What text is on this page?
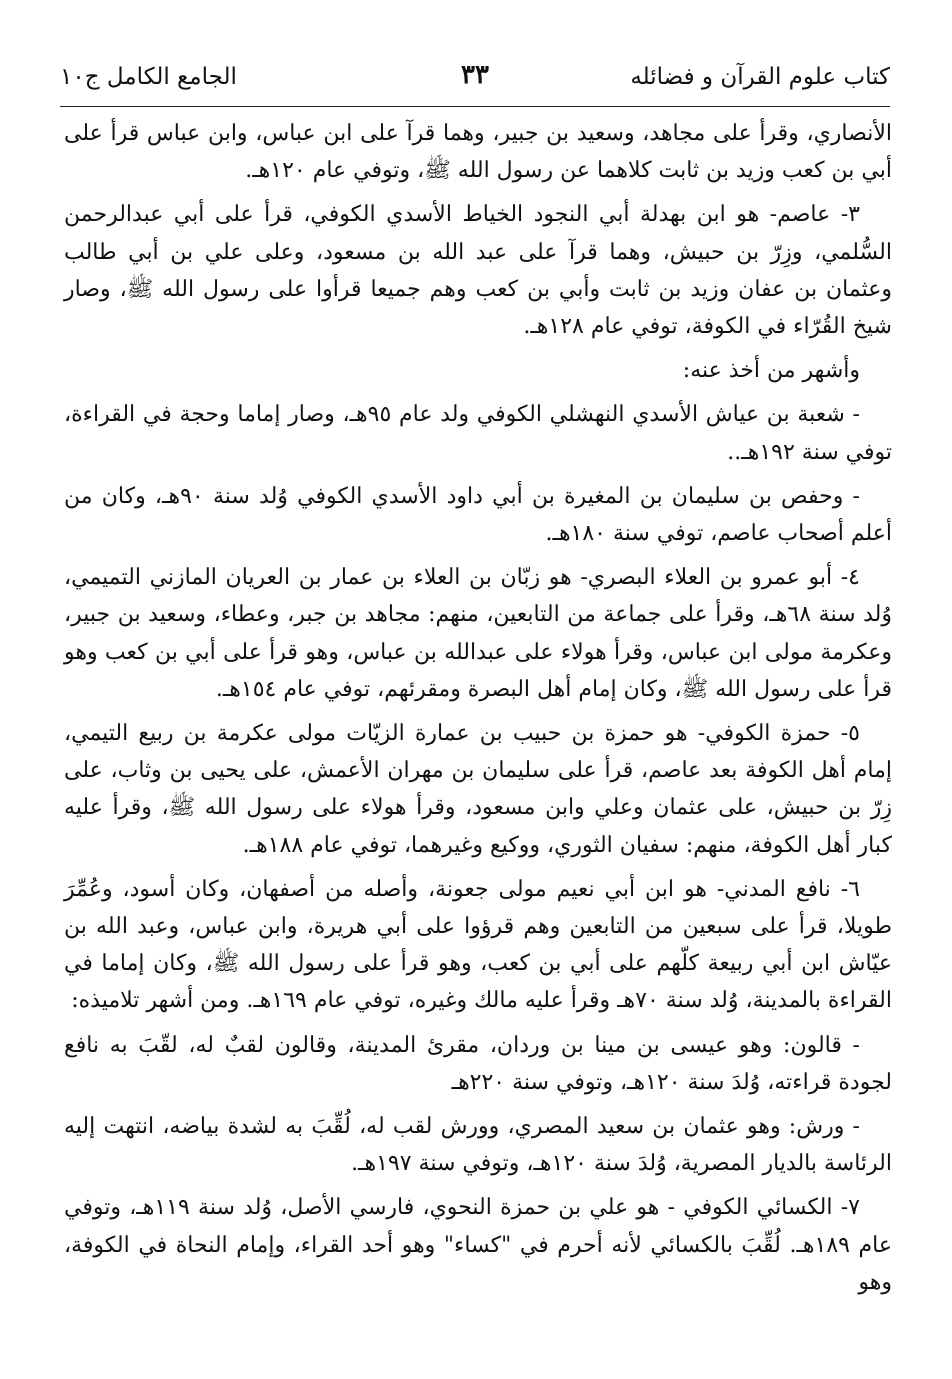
كتاب علوم القرآن و فضائله
٣٣
الجامع الكامل ج١٠

الأنصاري، وقرأ على مجاهد، وسعيد بن جبير، وهما قرآ على ابن عباس، وابن عباس قرأ على أبي بن كعب وزيد بن ثابت كلاهما عن رسول الله ﷺ، وتوفي عام ١٢٠هـ.

٣- عاصم- هو ابن بهدلة أبي النجود الخياط الأسدي الكوفي، قرأ على أبي عبدالرحمن السُّلمي، وزِرّ بن حبيش، وهما قرآ على عبد الله بن مسعود، وعلى علي بن أبي طالب وعثمان بن عفان وزيد بن ثابت وأبي بن كعب وهم جميعا قرأوا على رسول الله ﷺ، وصار شيخ القُرّاء في الكوفة، توفي عام ١٢٨هـ.

وأشهر من أخذ عنه:

- شعبة بن عياش الأسدي النهشلي الكوفي ولد عام ٩٥هـ، وصار إماما وحجة في القراءة، توفي سنة ١٩٢هـ..

- وحفص بن سليمان بن المغيرة بن أبي داود الأسدي الكوفي وُلد سنة ٩٠هـ، وكان من أعلم أصحاب عاصم، توفي سنة ١٨٠هـ.

٤- أبو عمرو بن العلاء البصري- هو زبّان بن العلاء بن عمار بن العريان المازني التميمي، وُلد سنة ٦٨هـ، وقرأ على جماعة من التابعين، منهم: مجاهد بن جبر، وعطاء، وسعيد بن جبير، وعكرمة مولى ابن عباس، وقرأ هولاء على عبدالله بن عباس، وهو قرأ على أبي بن كعب وهو قرأ على رسول الله ﷺ، وكان إمام أهل البصرة ومقرئهم، توفي عام ١٥٤هـ.

٥- حمزة الكوفي- هو حمزة بن حبيب بن عمارة الزيّات مولى عكرمة بن ربيع التيمي، إمام أهل الكوفة بعد عاصم، قرأ على سليمان بن مهران الأعمش، على يحيى بن وثاب، على زِرّ بن حبيش، على عثمان وعلي وابن مسعود، وقرأ هولاء على رسول الله ﷺ، وقرأ عليه كبار أهل الكوفة، منهم: سفيان الثوري، ووكيع وغيرهما، توفي عام ١٨٨هـ.

٦- نافع المدني- هو ابن أبي نعيم مولى جعونة، وأصله من أصفهان، وكان أسود، وعُمِّرَ طويلا، قرأ على سبعين من التابعين وهم قرؤوا على أبي هريرة، وابن عباس، وعبد الله بن عيّاش ابن أبي ربيعة كلّهم على أبي بن كعب، وهو قرأ على رسول الله ﷺ، وكان إماما في القراءة بالمدينة، وُلد سنة ٧٠هـ وقرأ عليه مالك وغيره، توفي عام ١٦٩هـ. ومن أشهر تلاميذه:

- قالون: وهو عيسى بن مينا بن وردان، مقرئ المدينة، وقالون لقبٌ له، لقّبَ به نافع لجودة قراءته، وُلدَ سنة ١٢٠هـ، وتوفي سنة ٢٢٠هـ

- ورش: وهو عثمان بن سعيد المصري، وورش لقب له، لُقِّبَ به لشدة بياضه، انتهت إليه الرئاسة بالديار المصرية، وُلدَ سنة ١٢٠هـ، وتوفي سنة ١٩٧هـ.

٧- الكسائي الكوفي - هو علي بن حمزة النحوي، فارسي الأصل، وُلد سنة ١١٩هـ، وتوفي عام ١٨٩هـ. لُقِّبَ بالكسائي لأنه أحرم في "كساء" وهو أحد القراء، وإمام النحاة في الكوفة، وهو
